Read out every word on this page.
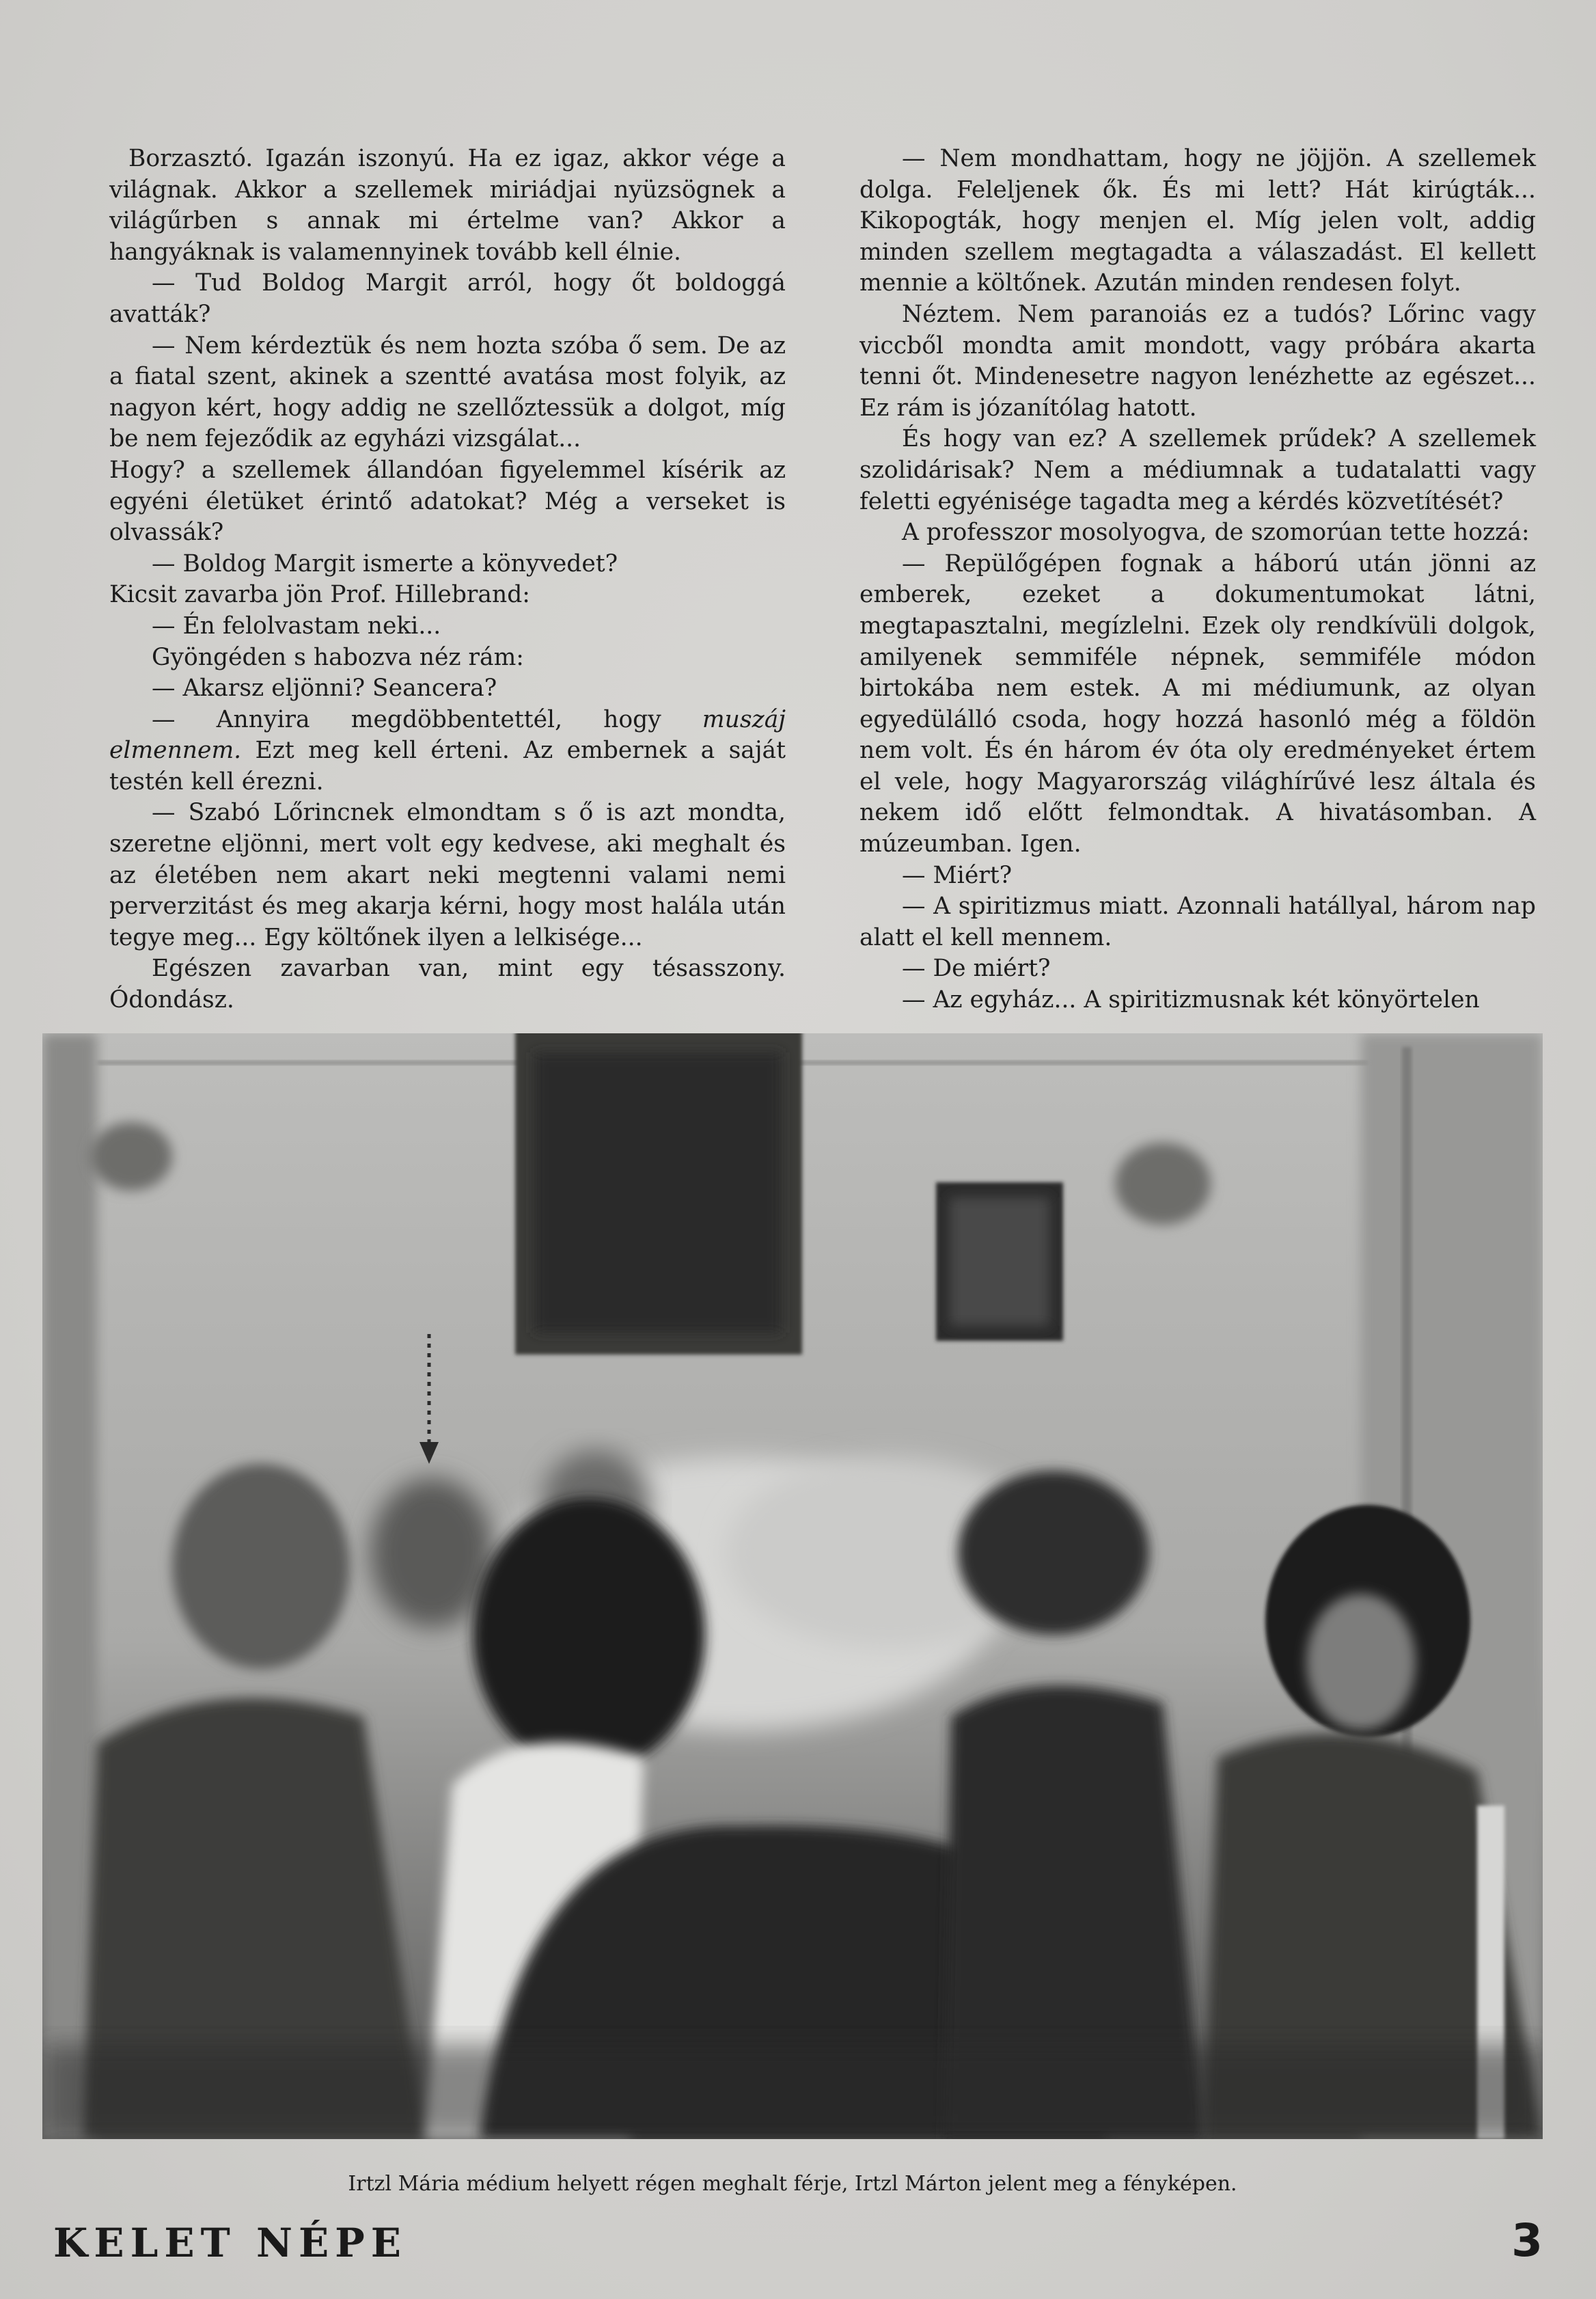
Borzasztó. Igazán iszonyú. Ha ez igaz, akkor vége a világnak. Akkor a szellemek miriádjai nyüzsögnek a világűrben s annak mi értelme van? Akkor a hangyáknak is valamennyinek tovább kell élnie.

— Tud Boldog Margit arról, hogy őt boldoggá avatták?

— Nem kérdeztük és nem hozta szóba ő sem. De az a fiatal szent, akinek a szentté avatása most folyik, az nagyon kért, hogy addig ne szellőztessük a dolgot, míg be nem fejeződik az egyházi vizsgálat...

Hogy? a szellemek állandóan figyelemmel kísérik az egyéni életüket érintő adatokat? Még a verseket is olvassák?

— Boldog Margit ismerte a könyvedet?

Kicsit zavarba jön Prof. Hillebrand:

— Én felolvastam neki...

Gyöngéden s habozva néz rám:

— Akarsz eljönni? Seancera?

— Annyira megdöbbentettél, hogy muszáj elmennem. Ezt meg kell érteni. Az embernek a saját testén kell érezni.

— Szabó Lőrincnek elmondtam s ő is azt mondta, szeretne eljönni, mert volt egy kedvese, aki meghalt és az életében nem akart neki megtenni valami nemi perverzitást és meg akarja kérni, hogy most halála után tegye meg... Egy költőnek ilyen a lelkisége...

Egészen zavarban van, mint egy tésasszony. Ódondász.

— Nem mondhattam, hogy ne jöjjön. A szellemek dolga. Feleljenek ők. És mi lett? Hát kirúgták... Kikopogták, hogy menjen el. Míg jelen volt, addig minden szellem megtagadta a válaszadást. El kellett mennie a költőnek. Azután minden rendesen folyt.

Néztem. Nem paranoiás ez a tudós? Lőrinc vagy viccből mondta amit mondott, vagy próbára akarta tenni őt. Mindenesetre nagyon lenézhette az egészet... Ez rám is józanítólag hatott.

És hogy van ez? A szellemek prűdek? A szellemek szolidárisak? Nem a médiumnak a tudatalatti vagy feletti egyénisége tagadta meg a kérdés közvetítését?

A professzor mosolyogva, de szomorúan tette hozzá:

— Repülőgépen fognak a háború után jönni az emberek, ezeket a dokumentumokat látni, megtapasztalni, megízlelni. Ezek oly rendkívüli dolgok, amilyenek semmiféle népnek, semmiféle módon birtokába nem estek. A mi médiumunk, az olyan egyedülálló csoda, hogy hozzá hasonló még a földön nem volt. És én három év óta oly eredményeket értem el vele, hogy Magyarország világhírűvé lesz általa és nekem idő előtt felmondtak. A hivatásomban. A múzeumban. Igen.

— Miért?

— A spiritizmus miatt. Azonnali hatállyal, három nap alatt el kell mennem.

— De miért?

— Az egyház... A spiritizmusnak két könyörtelen

Irtzl Mária médium helyett régen meghalt férje, Irtzl Márton jelent meg a fényképen.
KELET NÉPE	3
